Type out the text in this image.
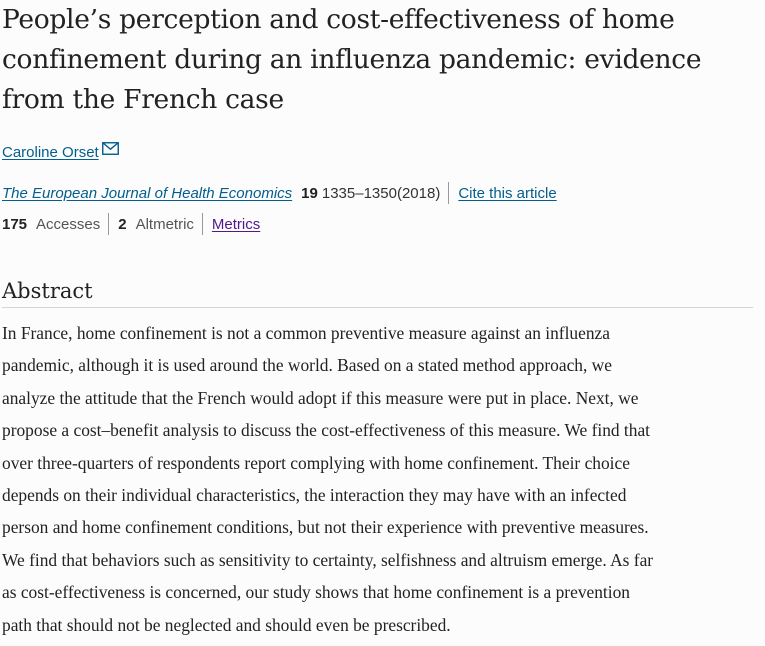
People’s perception and cost-effectiveness of home
confinement during an influenza pandemic: evidence
from the French case
Caroline Orset
The European Journal of Health Economics 19 1335–1350 (2018) Cite this article
175 Accesses 2 Altmetric Metrics
Abstract
In France, home confinement is not a common preventive measure against an influenza
pandemic, although it is used around the world. Based on a stated method approach, we
analyze the attitude that the French would adopt if this measure were put in place. Next, we
propose a cost–benefit analysis to discuss the cost-effectiveness of this measure. We find that
over three-quarters of respondents report complying with home confinement. Their choice
depends on their individual characteristics, the interaction they may have with an infected
person and home confinement conditions, but not their experience with preventive measures.
We find that behaviors such as sensitivity to certainty, selfishness and altruism emerge. As far
as cost-effectiveness is concerned, our study shows that home confinement is a prevention
path that should not be neglected and should even be prescribed.
